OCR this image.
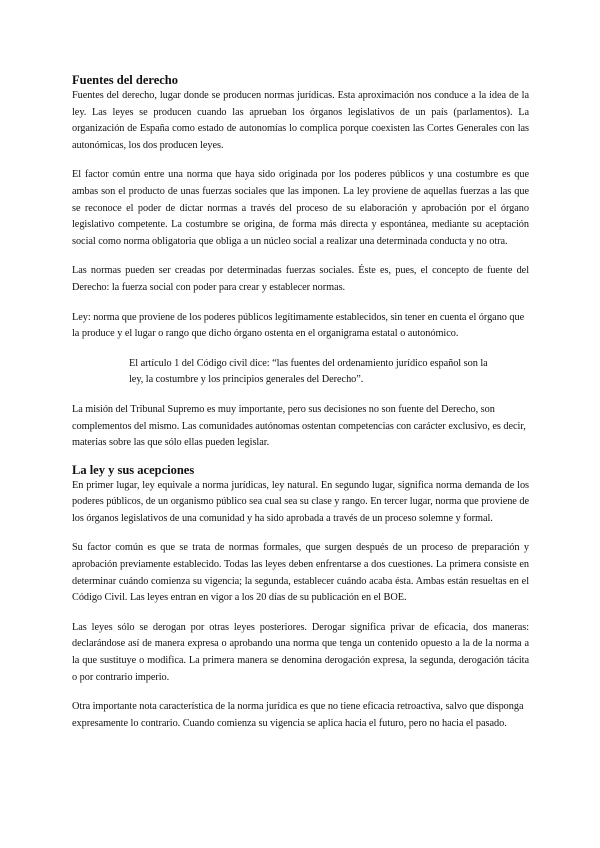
Fuentes del derecho

Fuentes del derecho, lugar donde se producen normas jurídicas. Esta aproximación nos conduce a la idea de la ley. Las leyes se producen cuando las aprueban los órganos legislativos de un país (parlamentos). La organización de España como estado de autonomías lo complica porque coexisten las Cortes Generales con las autonómicas, los dos producen leyes.

El factor común entre una norma que haya sido originada por los poderes públicos y una costumbre es que ambas son el producto de unas fuerzas sociales que las imponen. La ley proviene de aquellas fuerzas a las que se reconoce el poder de dictar normas a través del proceso de su elaboración y aprobación por el órgano legislativo competente. La costumbre se origina, de forma más directa y espontánea, mediante su aceptación social como norma obligatoria que obliga a un núcleo social a realizar una determinada conducta y no otra.

Las normas pueden ser creadas por determinadas fuerzas sociales. Éste es, pues, el concepto de fuente del Derecho: la fuerza social con poder para crear y establecer normas.

Ley: norma que proviene de los poderes públicos legítimamente establecidos, sin tener en cuenta el órgano que la produce y el lugar o rango que dicho órgano ostenta en el organigrama estatal o autonómico.

El artículo 1 del Código civil dice: “las fuentes del ordenamiento jurídico español son la ley, la costumbre y los principios generales del Derecho”.

La misión del Tribunal Supremo es muy importante, pero sus decisiones no son fuente del Derecho, son complementos del mismo. Las comunidades autónomas ostentan competencias con carácter exclusivo, es decir, materias sobre las que sólo ellas pueden legislar.

La ley y sus acepciones

En primer lugar, ley equivale a norma jurídicas, ley natural. En segundo lugar, significa norma demanda de los poderes públicos, de un organismo público sea cual sea su clase y rango. En tercer lugar, norma que proviene de los órganos legislativos de una comunidad y ha sido aprobada a través de un proceso solemne y formal.

Su factor común es que se trata de normas formales, que surgen después de un proceso de preparación y aprobación previamente establecido. Todas las leyes deben enfrentarse a dos cuestiones. La primera consiste en determinar cuándo comienza su vigencia; la segunda, establecer cuándo acaba ésta. Ambas están resueltas en el Código Civil. Las leyes entran en vigor a los 20 días de su publicación en el BOE.

Las leyes sólo se derogan por otras leyes posteriores. Derogar significa privar de eficacia, dos maneras: declarándose así de manera expresa o aprobando una norma que tenga un contenido opuesto a la de la norma a la que sustituye o modifica. La primera manera se denomina derogación expresa, la segunda, derogación tácita o por contrario imperio.

Otra importante nota característica de la norma jurídica es que no tiene eficacia retroactiva, salvo que disponga expresamente lo contrario. Cuando comienza su vigencia se aplica hacia el futuro, pero no hacia el pasado.
